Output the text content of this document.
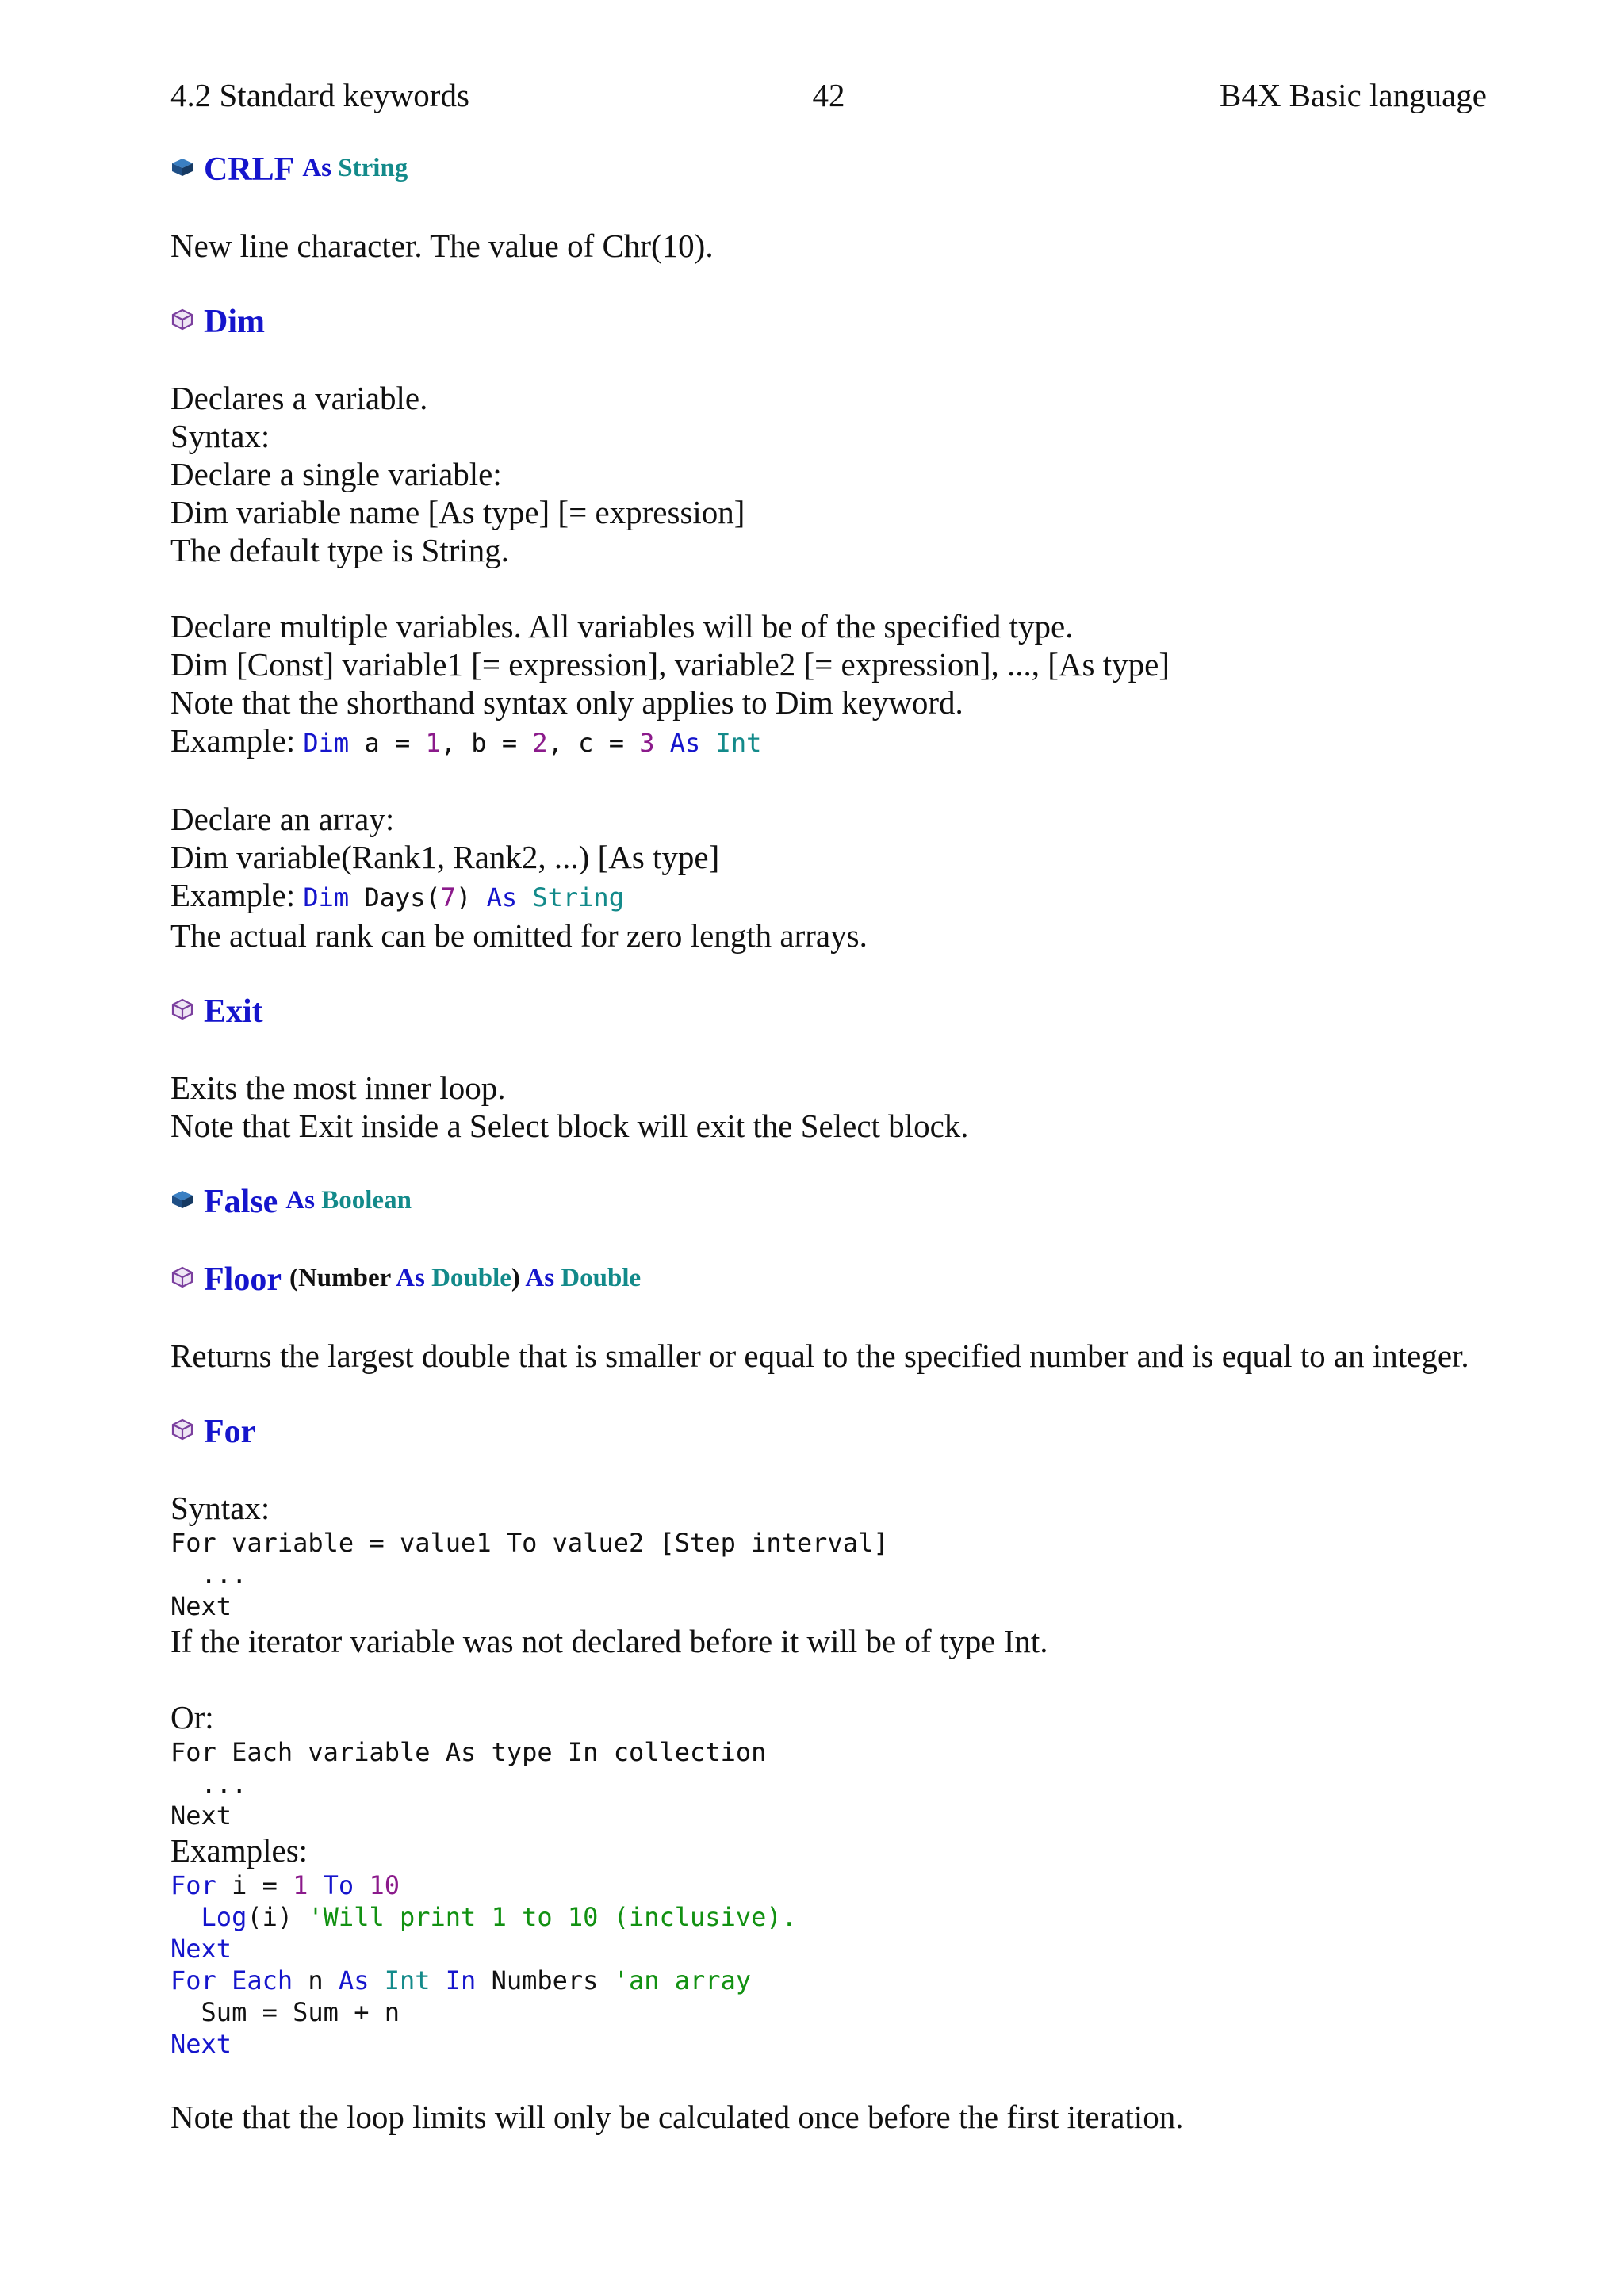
4.2 Standard keywords	42	B4X Basic language
CRLF As String

New line character. The value of Chr(10).

Dim

Declares a variable.

Syntax:

Declare a single variable:

Dim variable name [As type] [= expression]

The default type is String.

Declare multiple variables. All variables will be of the specified type.

Dim [Const] variable1 [= expression], variable2 [= expression], ..., [As type]

Note that the shorthand syntax only applies to Dim keyword.

Example: Dim a = 1, b = 2, c = 3 As Int

Declare an array:

Dim variable(Rank1, Rank2, ...) [As type]

Example: Dim Days(7) As String

The actual rank can be omitted for zero length arrays.

Exit

Exits the most inner loop.

Note that Exit inside a Select block will exit the Select block.

False As Boolean
Floor (Number As Double) As Double

Returns the largest double that is smaller or equal to the specified number and is equal to an integer.

For

Syntax:

For variable = value1 To value2 [Step interval]
...
Next

If the iterator variable was not declared before it will be of type Int.

Or:

For Each variable As type In collection
...
Next

Examples:

For i = 1 To 10
Log(i) 'Will print 1 to 10 (inclusive).
Next
For Each n As Int In Numbers 'an array
Sum = Sum + n
Next

Note that the loop limits will only be calculated once before the first iteration.
